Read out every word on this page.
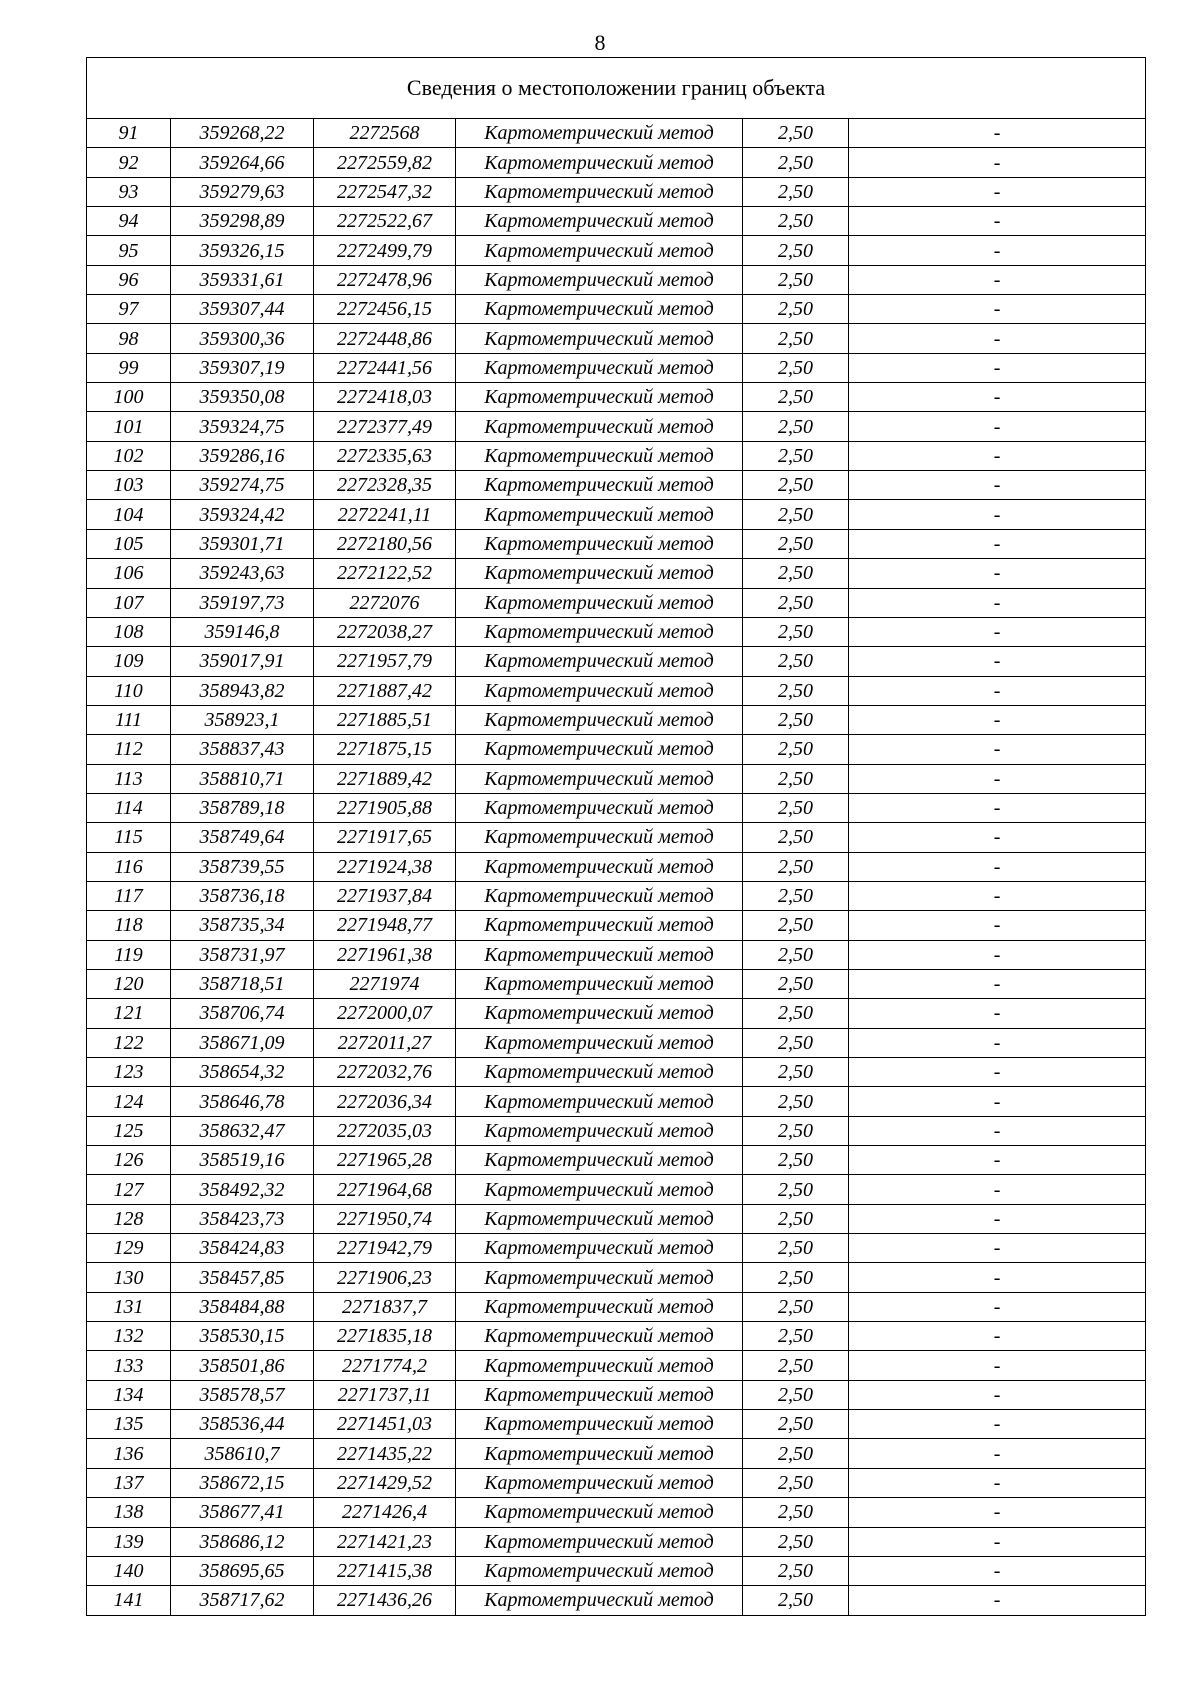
8
Сведения о местоположении границ объекта					
91	359268,22	2272568	Картометрический метод	2,50	-
92	359264,66	2272559,82	Картометрический метод	2,50	-
93	359279,63	2272547,32	Картометрический метод	2,50	-
94	359298,89	2272522,67	Картометрический метод	2,50	-
95	359326,15	2272499,79	Картометрический метод	2,50	-
96	359331,61	2272478,96	Картометрический метод	2,50	-
97	359307,44	2272456,15	Картометрический метод	2,50	-
98	359300,36	2272448,86	Картометрический метод	2,50	-
99	359307,19	2272441,56	Картометрический метод	2,50	-
100	359350,08	2272418,03	Картометрический метод	2,50	-
101	359324,75	2272377,49	Картометрический метод	2,50	-
102	359286,16	2272335,63	Картометрический метод	2,50	-
103	359274,75	2272328,35	Картометрический метод	2,50	-
104	359324,42	2272241,11	Картометрический метод	2,50	-
105	359301,71	2272180,56	Картометрический метод	2,50	-
106	359243,63	2272122,52	Картометрический метод	2,50	-
107	359197,73	2272076	Картометрический метод	2,50	-
108	359146,8	2272038,27	Картометрический метод	2,50	-
109	359017,91	2271957,79	Картометрический метод	2,50	-
110	358943,82	2271887,42	Картометрический метод	2,50	-
111	358923,1	2271885,51	Картометрический метод	2,50	-
112	358837,43	2271875,15	Картометрический метод	2,50	-
113	358810,71	2271889,42	Картометрический метод	2,50	-
114	358789,18	2271905,88	Картометрический метод	2,50	-
115	358749,64	2271917,65	Картометрический метод	2,50	-
116	358739,55	2271924,38	Картометрический метод	2,50	-
117	358736,18	2271937,84	Картометрический метод	2,50	-
118	358735,34	2271948,77	Картометрический метод	2,50	-
119	358731,97	2271961,38	Картометрический метод	2,50	-
120	358718,51	2271974	Картометрический метод	2,50	-
121	358706,74	2272000,07	Картометрический метод	2,50	-
122	358671,09	2272011,27	Картометрический метод	2,50	-
123	358654,32	2272032,76	Картометрический метод	2,50	-
124	358646,78	2272036,34	Картометрический метод	2,50	-
125	358632,47	2272035,03	Картометрический метод	2,50	-
126	358519,16	2271965,28	Картометрический метод	2,50	-
127	358492,32	2271964,68	Картометрический метод	2,50	-
128	358423,73	2271950,74	Картометрический метод	2,50	-
129	358424,83	2271942,79	Картометрический метод	2,50	-
130	358457,85	2271906,23	Картометрический метод	2,50	-
131	358484,88	2271837,7	Картометрический метод	2,50	-
132	358530,15	2271835,18	Картометрический метод	2,50	-
133	358501,86	2271774,2	Картометрический метод	2,50	-
134	358578,57	2271737,11	Картометрический метод	2,50	-
135	358536,44	2271451,03	Картометрический метод	2,50	-
136	358610,7	2271435,22	Картометрический метод	2,50	-
137	358672,15	2271429,52	Картометрический метод	2,50	-
138	358677,41	2271426,4	Картометрический метод	2,50	-
139	358686,12	2271421,23	Картометрический метод	2,50	-
140	358695,65	2271415,38	Картометрический метод	2,50	-
141	358717,62	2271436,26	Картометрический метод	2,50	-
